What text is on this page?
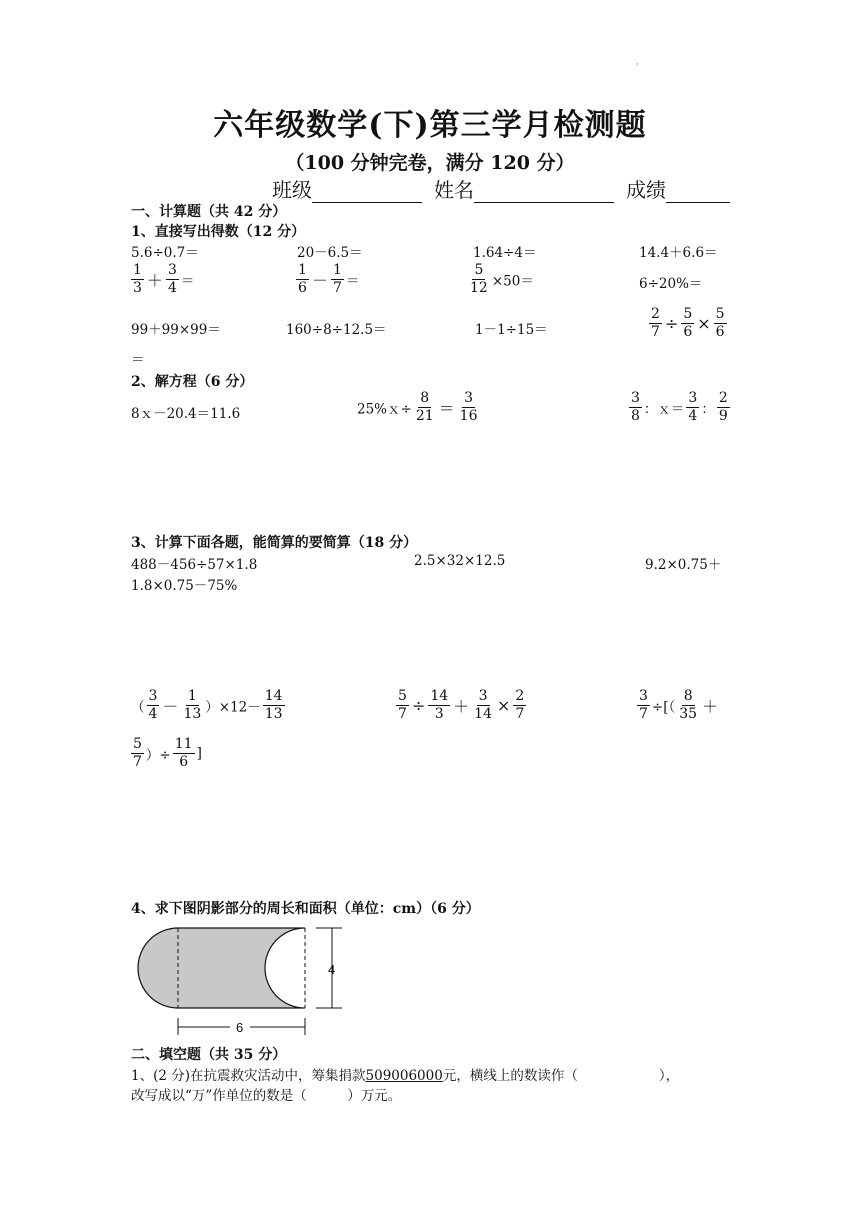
·
六年级数学(下)第三学月检测题
（100 分钟完卷，满分 120 分）
班级	姓名	成绩
一、计算题（共 42 分）
1、直接写出得数（12 分）
5.6÷0.7＝	20－6.5＝	1.64÷4＝	14.4＋6.6＝
$\frac{1}{3} + \frac{3}{4}$ ＝	$\frac{1}{6} - \frac{1}{7}$ ＝	$\frac{5}{12} \times 50=$	6÷20%＝
99＋99×99＝	160÷8÷12.5＝	1－1÷15＝	$\frac{2}{7} \div \frac{5}{6} \times \frac{5}{6}$
＝
2、解方程（6 分）
8ｘ－20.4＝11.6	25%ｘ÷ $\frac{8}{21} = \frac{3}{16}$	$\frac{3}{8}$ ：ｘ＝ $\frac{3}{4}$ ： $\frac{2}{9}$
3、计算下面各题，能简算的要简算（18 分）
488－456÷57×1.8	2.5×32×12.5	9.2×0.75＋
1.8×0.75－75%
（ $\frac{3}{4} - \frac{1}{13} )\times 12- \frac{14}{13}$	$\frac{5}{7} \div \frac{14}{3} + \frac{3}{14} \times \frac{2}{7}$	$\frac{3}{7}$ ÷[（ $\frac{8}{35}$ ＋
$\frac{5}{7}$ ）÷ $\frac{11}{6}$ ]
4、求下图阴影部分的周长和面积（单位：cm）（6 分）
4
6
二、填空题（共 35 分）
1、(2 分)在抗震救灾活动中，筹集捐款509006000元，横线上的数读作（　　　　　　），
改写成以“万”作单位的数是（　　　）万元。
